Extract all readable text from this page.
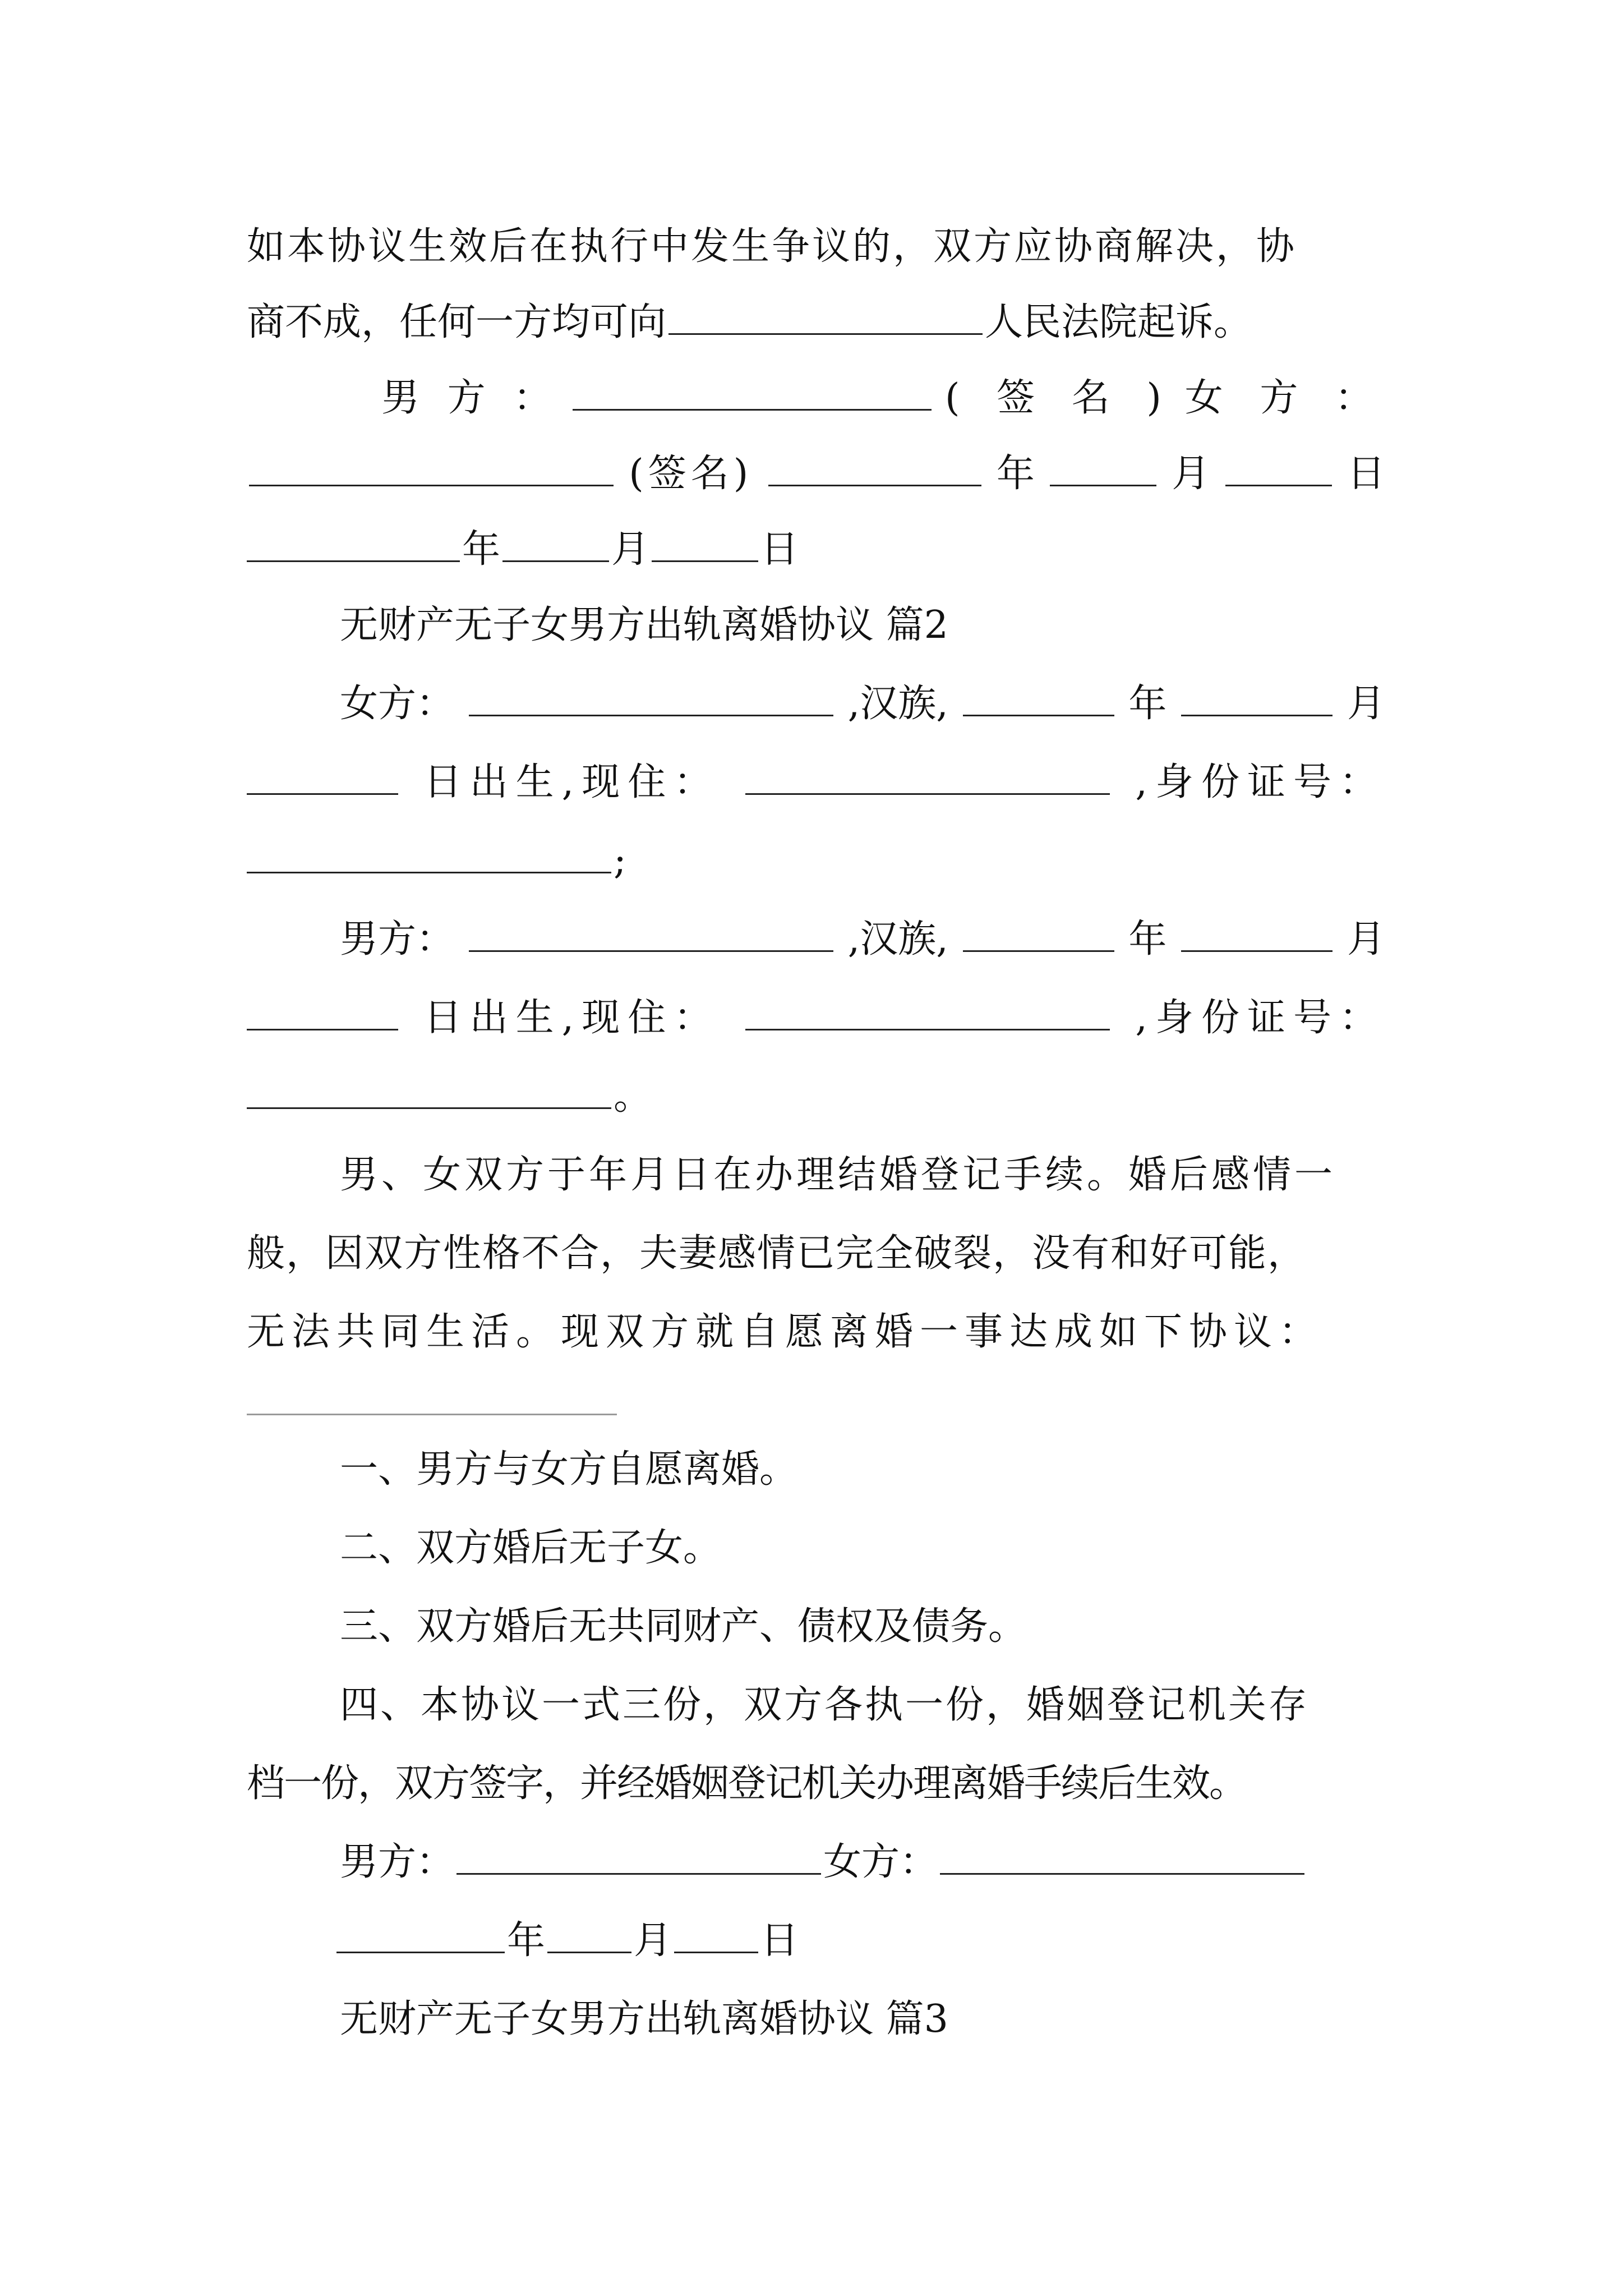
如本协议生效后在执行中发生争议的，双方应协商解决，协
商不成，任何一方均可向	人民法院起诉。
男 方 ：	( 签 名 ) 女 方 ：
(签名)	年	月	日
年	月	日
无财产无子女男方出轨离婚协议 篇2
女方：	,汉族,	年	月
日出生,现住：	,身份证号：
;
男方：	,汉族,	年	月
日出生,现住：	,身份证号：
。
男、女双方于年月日在办理结婚登记手续。婚后感情一
般，因双方性格不合，夫妻感情已完全破裂，没有和好可能，
无法共同生活。现双方就自愿离婚一事达成如下协议：
一、男方与女方自愿离婚。
二、双方婚后无子女。
三、双方婚后无共同财产、债权及债务。
四、本协议一式三份，双方各执一份，婚姻登记机关存
档一份，双方签字，并经婚姻登记机关办理离婚手续后生效。
男方：	女方：
年 月 日
无财产无子女男方出轨离婚协议 篇3
